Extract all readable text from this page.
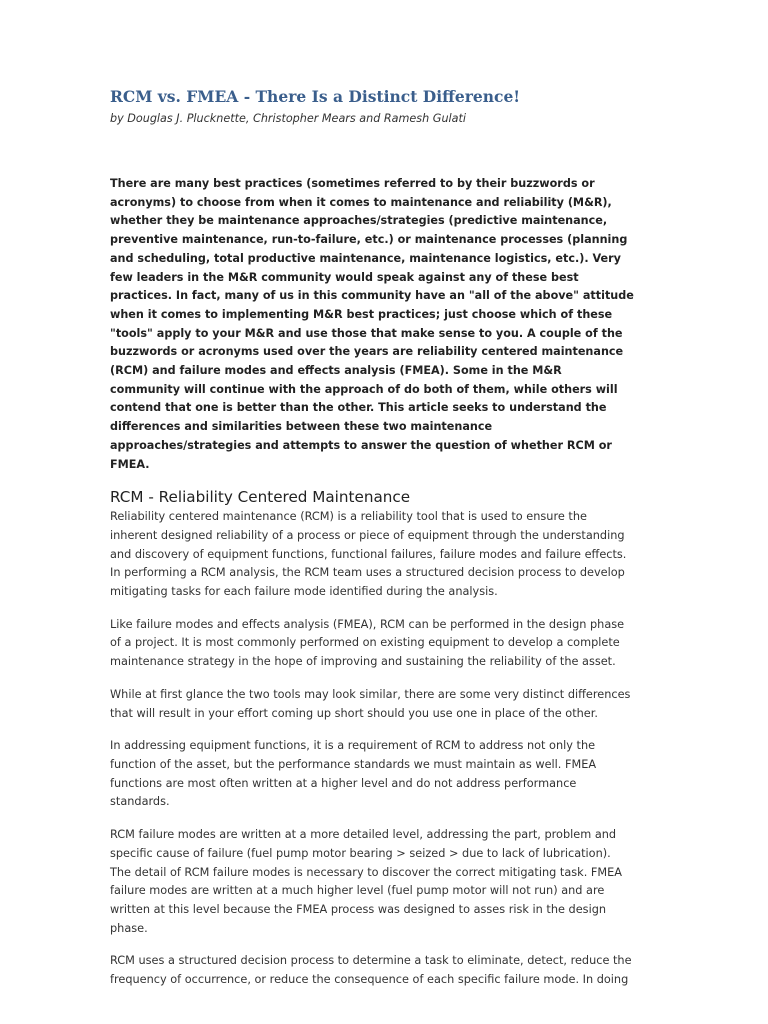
RCM vs. FMEA - There Is a Distinct Difference!
by Douglas J. Plucknette, Christopher Mears and Ramesh Gulati
There are many best practices (sometimes referred to by their buzzwords or acronyms) to choose from when it comes to maintenance and reliability (M&R), whether they be maintenance approaches/strategies (predictive maintenance, preventive maintenance, run-to-failure, etc.) or maintenance processes (planning and scheduling, total productive maintenance, maintenance logistics, etc.). Very few leaders in the M&R community would speak against any of these best practices. In fact, many of us in this community have an "all of the above" attitude when it comes to implementing M&R best practices; just choose which of these "tools" apply to your M&R and use those that make sense to you. A couple of the buzzwords or acronyms used over the years are reliability centered maintenance (RCM) and failure modes and effects analysis (FMEA). Some in the M&R community will continue with the approach of do both of them, while others will contend that one is better than the other. This article seeks to understand the differences and similarities between these two maintenance approaches/strategies and attempts to answer the question of whether RCM or FMEA.
RCM - Reliability Centered Maintenance

Reliability centered maintenance (RCM) is a reliability tool that is used to ensure the inherent designed reliability of a process or piece of equipment through the understanding and discovery of equipment functions, functional failures, failure modes and failure effects. In performing a RCM analysis, the RCM team uses a structured decision process to develop mitigating tasks for each failure mode identified during the analysis.

Like failure modes and effects analysis (FMEA), RCM can be performed in the design phase of a project. It is most commonly performed on existing equipment to develop a complete maintenance strategy in the hope of improving and sustaining the reliability of the asset.

While at first glance the two tools may look similar, there are some very distinct differences that will result in your effort coming up short should you use one in place of the other.

In addressing equipment functions, it is a requirement of RCM to address not only the function of the asset, but the performance standards we must maintain as well. FMEA functions are most often written at a higher level and do not address performance standards.

RCM failure modes are written at a more detailed level, addressing the part, problem and specific cause of failure (fuel pump motor bearing > seized > due to lack of lubrication). The detail of RCM failure modes is necessary to discover the correct mitigating task. FMEA failure modes are written at a much higher level (fuel pump motor will not run) and are written at this level because the FMEA process was designed to asses risk in the design phase.

RCM uses a structured decision process to determine a task to eliminate, detect, reduce the frequency of occurrence, or reduce the consequence of each specific failure mode. In doing
